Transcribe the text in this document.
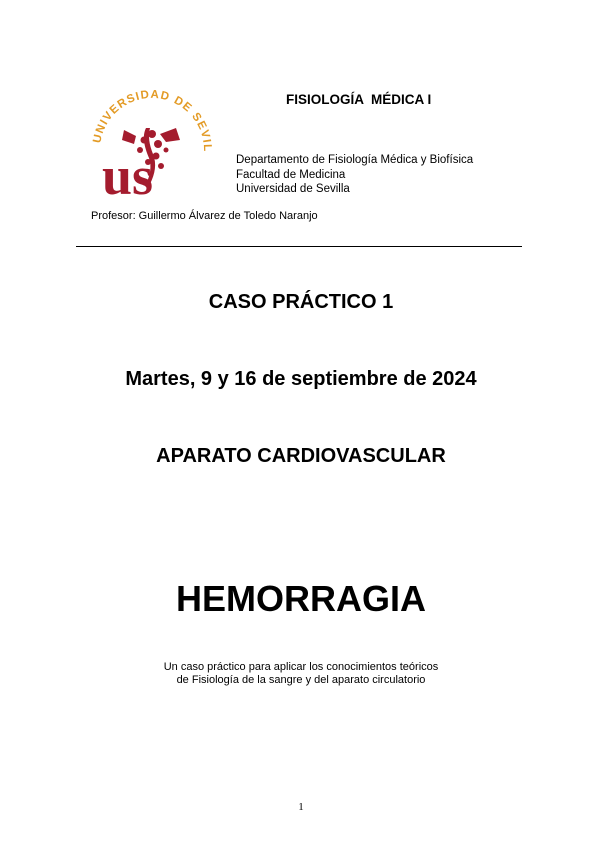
UNIVERSIDAD DE SEVIL
us
FISIOLOGÍA  MÉDICA I
Departamento de Fisiología Médica y Biofísica
Facultad de Medicina
Universidad de Sevilla
Profesor: Guillermo Álvarez de Toledo Naranjo
CASO PRÁCTICO 1
Martes, 9 y 16 de septiembre de 2024
APARATO CARDIOVASCULAR
HEMORRAGIA
Un caso práctico para aplicar los conocimientos teóricos
de Fisiología de la sangre y del aparato circulatorio
1
